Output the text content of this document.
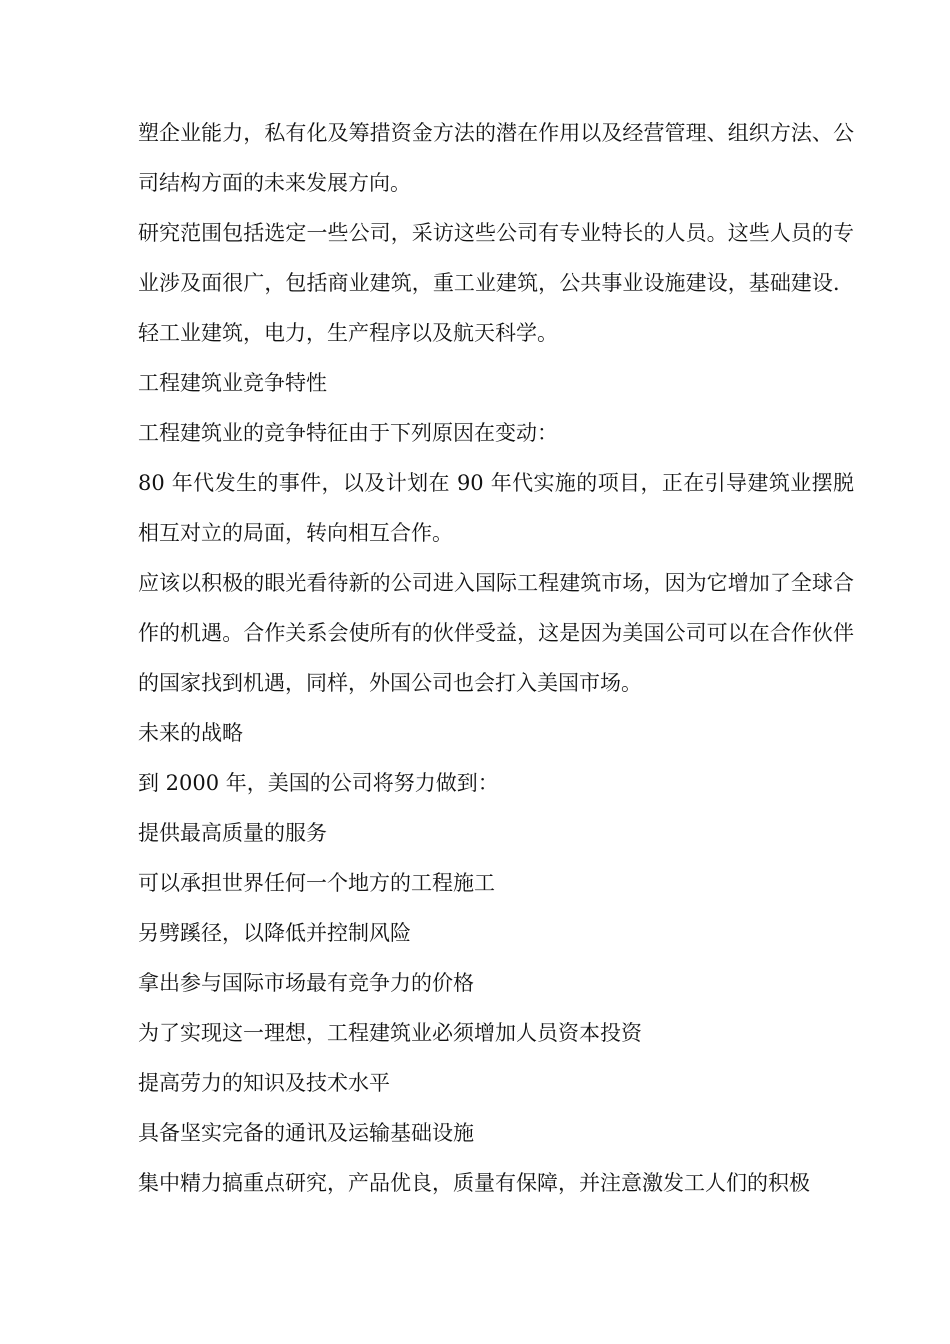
塑企业能力，私有化及筹措资金方法的潜在作用以及经营管理、组织方法、公司结构方面的未来发展方向。

研究范围包括选定一些公司，采访这些公司有专业特长的人员。这些人员的专业涉及面很广，包括商业建筑，重工业建筑，公共事业设施建设，基础建设．轻工业建筑，电力，生产程序以及航天科学。

工程建筑业竞争特性

工程建筑业的竞争特征由于下列原因在变动：

80 年代发生的事件，以及计划在 90 年代实施的项目，正在引导建筑业摆脱相互对立的局面，转向相互合作。

应该以积极的眼光看待新的公司进入国际工程建筑市场，因为它增加了全球合作的机遇。合作关系会使所有的伙伴受益，这是因为美国公司可以在合作伙伴的国家找到机遇，同样，外国公司也会打入美国市场。

未来的战略

到 2000 年，美国的公司将努力做到：

提供最高质量的服务

可以承担世界任何一个地方的工程施工

另劈蹊径，以降低并控制风险

拿出参与国际市场最有竞争力的价格

为了实现这一理想，工程建筑业必须增加人员资本投资

提高劳力的知识及技术水平

具备坚实完备的通讯及运输基础设施

集中精力搞重点研究，产品优良，质量有保障，并注意激发工人们的积极
